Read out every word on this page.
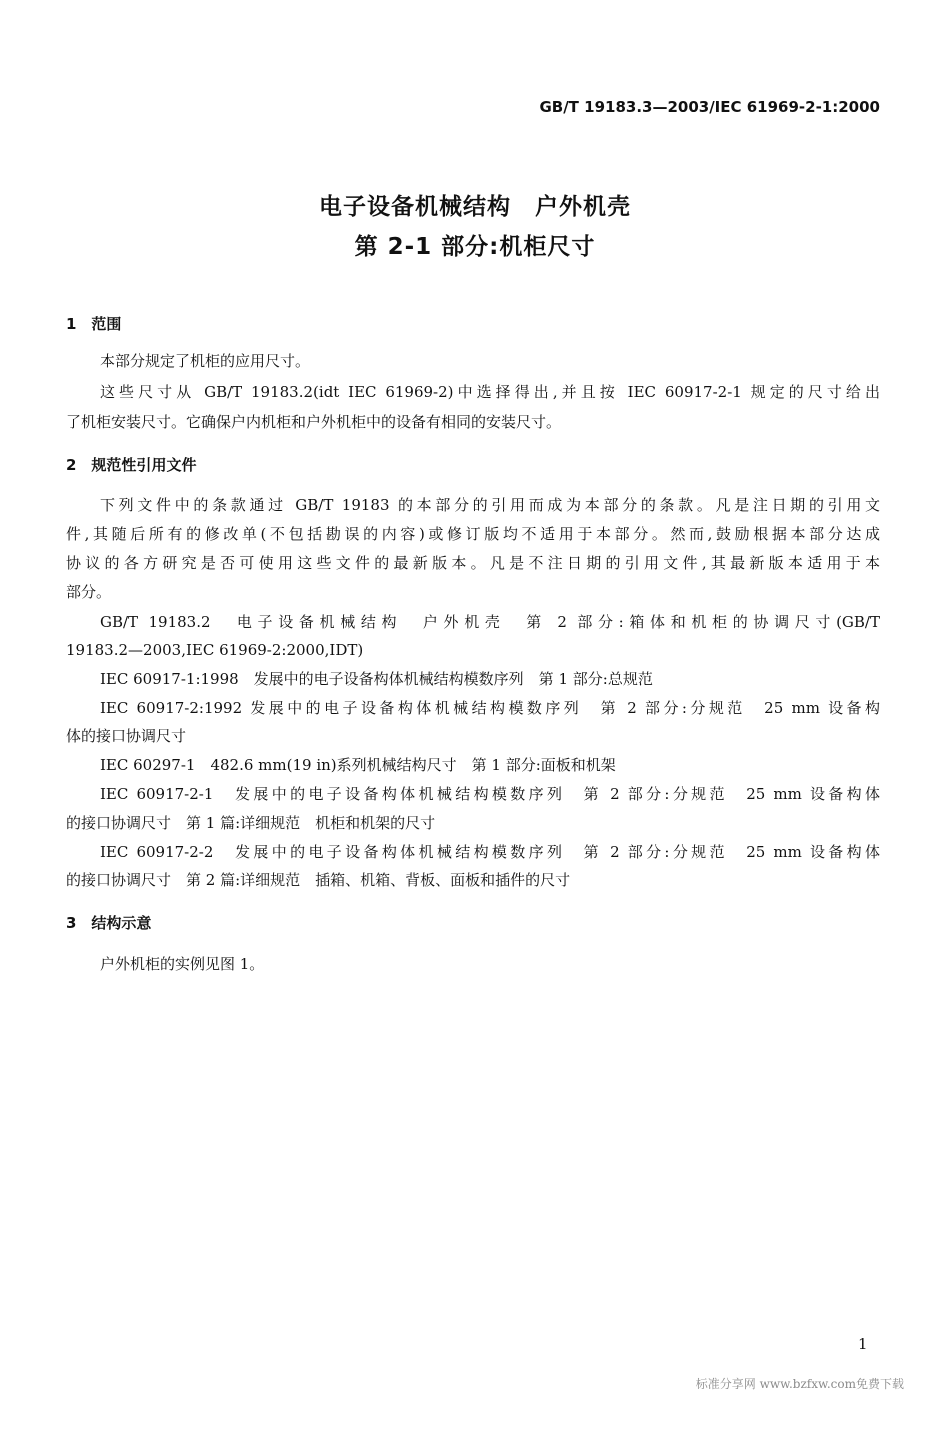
GB/T 19183.3—2003/IEC 61969-2-1:2000
电子设备机械结构　户外机壳
第 2-1 部分:机柜尺寸
1　范围
本部分规定了机柜的应用尺寸。
这些尺寸从 GB/T 19183.2(idt IEC 61969-2)中选择得出,并且按 IEC 60917-2-1 规定的尺寸给出
了机柜安装尺寸。它确保户内机柜和户外机柜中的设备有相同的安装尺寸。
2　规范性引用文件
下列文件中的条款通过 GB/T 19183 的本部分的引用而成为本部分的条款。凡是注日期的引用文
件,其随后所有的修改单(不包括勘误的内容)或修订版均不适用于本部分。然而,鼓励根据本部分达成
协议的各方研究是否可使用这些文件的最新版本。凡是不注日期的引用文件,其最新版本适用于本
部分。
GB/T 19183.2　电子设备机械结构　户外机壳　第 2 部分:箱体和机柜的协调尺寸(GB/T
19183.2—2003,IEC 61969-2:2000,IDT)
IEC 60917-1:1998　发展中的电子设备构体机械结构模数序列　第 1 部分:总规范
IEC 60917-2:1992 发展中的电子设备构体机械结构模数序列　第 2 部分:分规范　25 mm 设备构
体的接口协调尺寸
IEC 60297-1　482.6 mm(19 in)系列机械结构尺寸　第 1 部分:面板和机架
IEC 60917-2-1　发展中的电子设备构体机械结构模数序列　第 2 部分:分规范　25 mm 设备构体
的接口协调尺寸　第 1 篇:详细规范　机柜和机架的尺寸
IEC 60917-2-2　发展中的电子设备构体机械结构模数序列　第 2 部分:分规范　25 mm 设备构体
的接口协调尺寸　第 2 篇:详细规范　插箱、机箱、背板、面板和插件的尺寸
3　结构示意
户外机柜的实例见图 1。
1
标准分享网 www.bzfxw.com免费下载
